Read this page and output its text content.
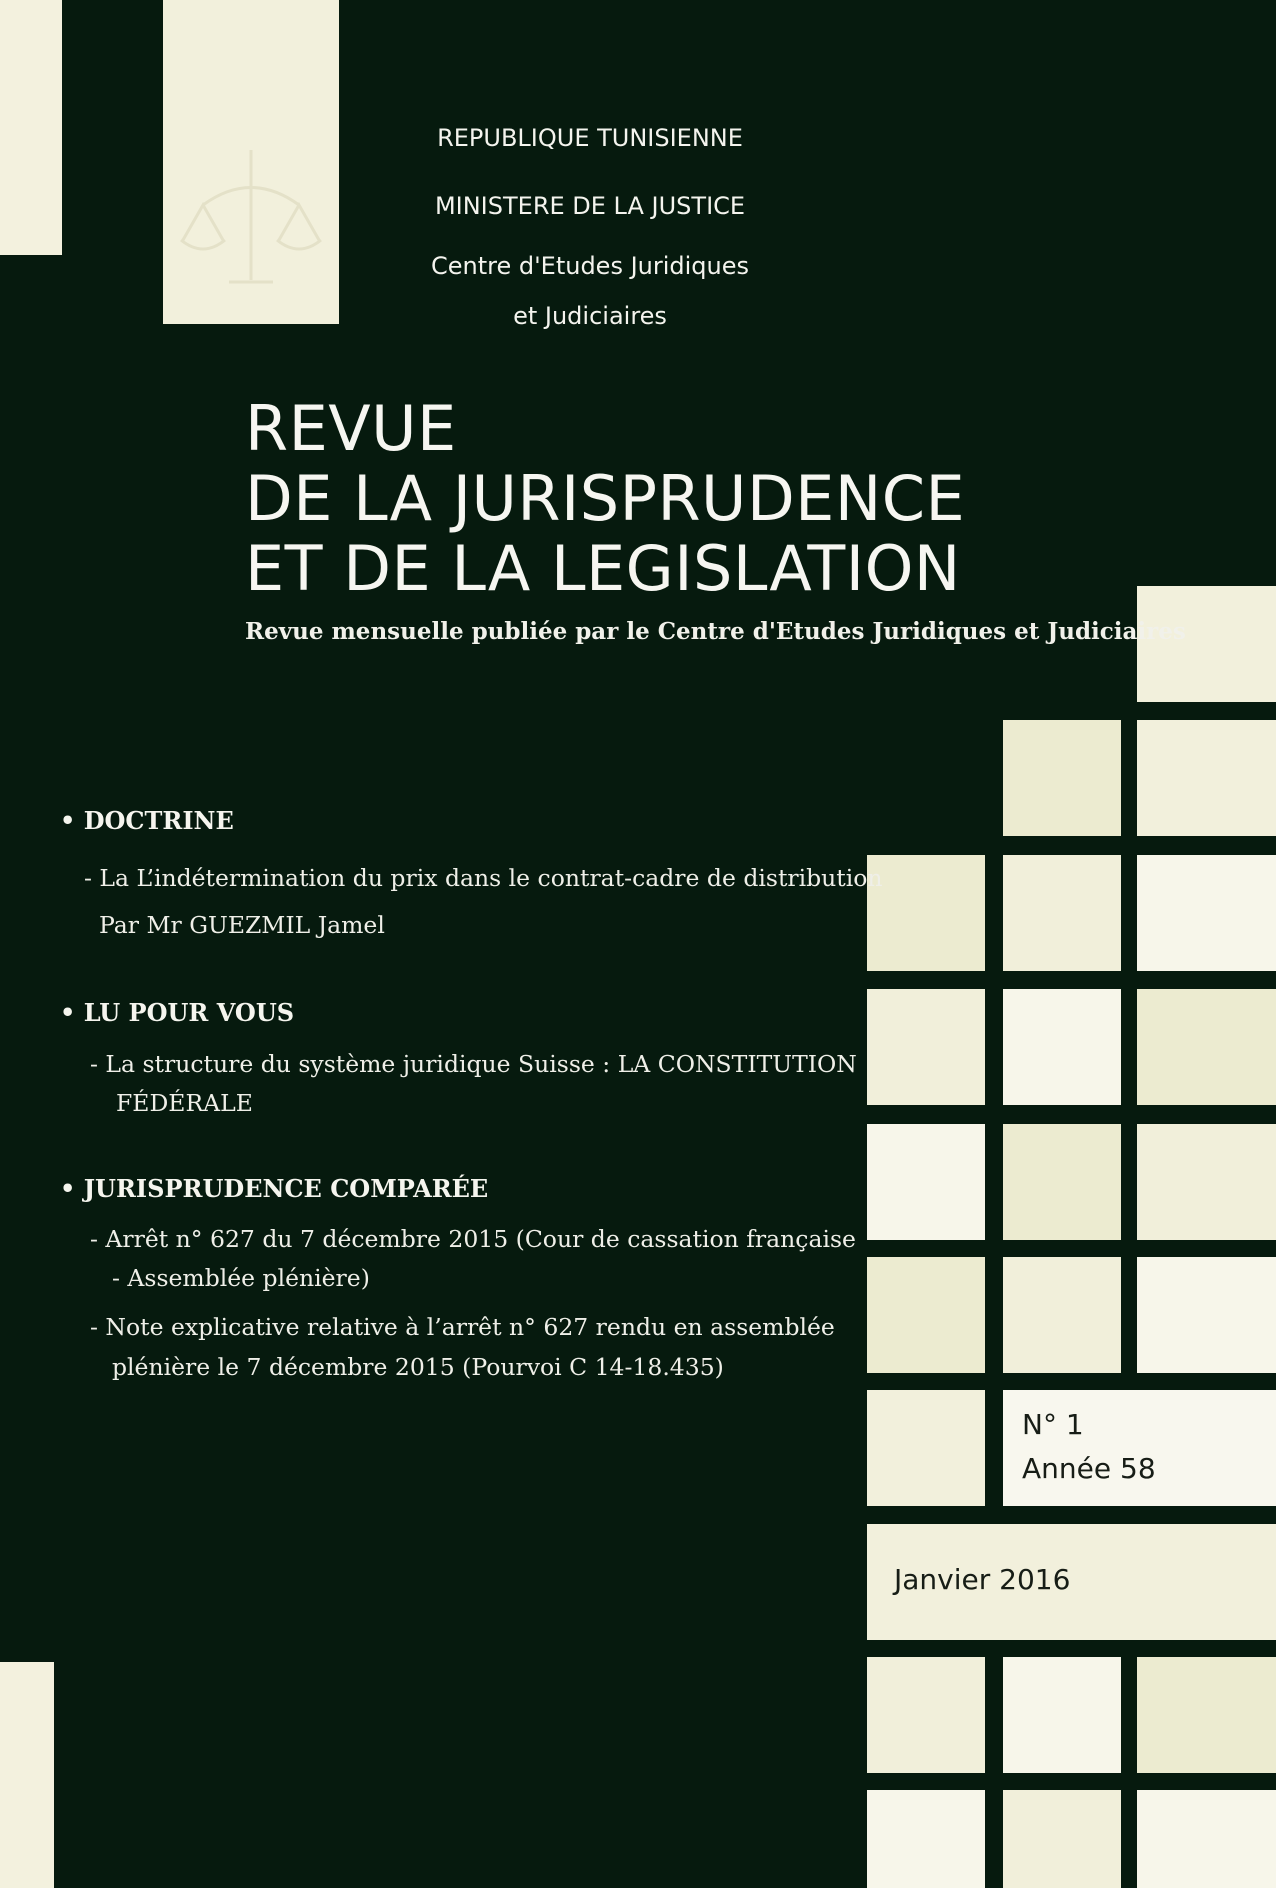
REPUBLIQUE TUNISIENNE
MINISTERE DE LA JUSTICE
Centre d'Etudes Juridiques
et Judiciaires
REVUE
DE LA JURISPRUDENCE
ET DE LA LEGISLATION
Revue mensuelle publiée par le Centre d'Etudes Juridiques et Judiciaires
• DOCTRINE
- La L’indétermination du prix dans le contrat-cadre de distribution
Par Mr GUEZMIL Jamel
• LU POUR VOUS
- La structure du système juridique Suisse : LA CONSTITUTION
FÉDÉRALE
• JURISPRUDENCE COMPARÉE
- Arrêt n° 627 du 7 décembre 2015 (Cour de cassation française
- Assemblée plénière)
- Note explicative relative à l’arrêt n° 627 rendu en assemblée
plénière le 7 décembre 2015 (Pourvoi C 14-18.435)
N° 1
Année 58
Janvier 2016
